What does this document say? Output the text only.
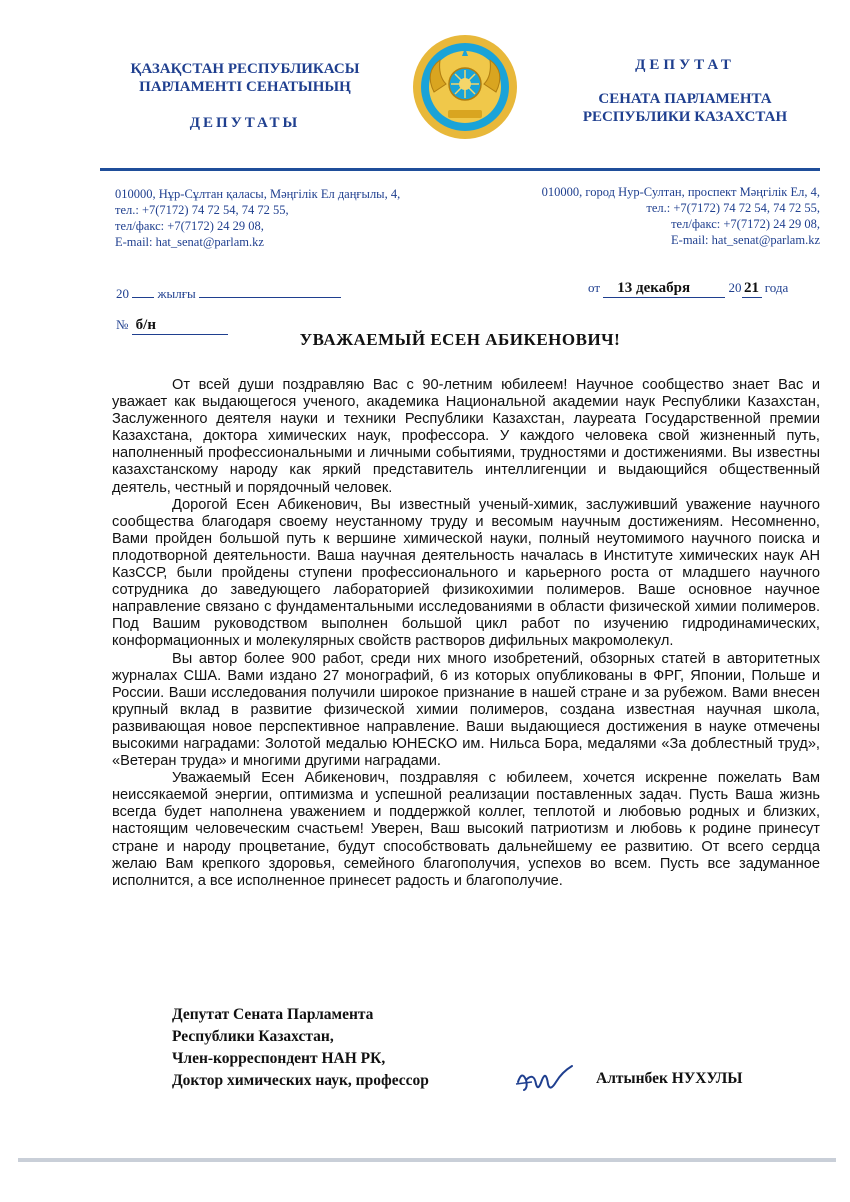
ҚАЗАҚСТАН РЕСПУБЛИКАСЫ
ПАРЛАМЕНТІ СЕНАТЫНЫҢ
ДЕПУТАТЫ
ДЕПУТАТ
СЕНАТА ПАРЛАМЕНТА
РЕСПУБЛИКИ КАЗАХСТАН
010000, Нұр-Сұлтан қаласы, Мәңгілік Ел даңғылы, 4,
тел.: +7(7172) 74 72 54, 74 72 55,
тел/факс: +7(7172) 24 29 08,
E-mail: hat_senat@parlam.kz
010000, город Нур-Султан, проспект Мәңгілік Ел, 4,
тел.: +7(7172) 74 72 54, 74 72 55,
тел/факс: +7(7172) 24 29 08,
E-mail: hat_senat@parlam.kz
20 жылғы	от 13 декабря	20 21 года
№ б/н
УВАЖАЕМЫЙ ЕСЕН АБИКЕНОВИЧ!

От всей души поздравляю Вас с 90-летним юбилеем! Научное сообщество знает Вас и уважает как выдающегося ученого, академика Национальной академии наук Республики Казахстан, Заслуженного деятеля науки и техники Республики Казахстан, лауреата Государственной премии Казахстана, доктора химических наук, профессора. У каждого человека свой жизненный путь, наполненный профессиональными и личными событиями, трудностями и достижениями. Вы известны казахстанскому народу как яркий представитель интеллигенции и выдающийся общественный деятель, честный и порядочный человек.

Дорогой Есен Абикенович, Вы известный ученый-химик, заслуживший уважение научного сообщества благодаря своему неустанному труду и весомым научным достижениям. Несомненно, Вами пройден большой путь к вершине химической науки, полный неутомимого научного поиска и плодотворной деятельности. Ваша научная деятельность началась в Институте химических наук АН КазССР, были пройдены ступени профессионального и карьерного роста от младшего научного сотрудника до заведующего лабораторией физикохимии полимеров. Ваше основное научное направление связано с фундаментальными исследованиями в области физической химии полимеров. Под Вашим руководством выполнен большой цикл работ по изучению гидродинамических, конформационных и молекулярных свойств растворов дифильных макромолекул.

Вы автор более 900 работ, среди них много изобретений, обзорных статей в авторитетных журналах США. Вами издано 27 монографий, 6 из которых опубликованы в ФРГ, Японии, Польше и России. Ваши исследования получили широкое признание в нашей стране и за рубежом. Вами внесен крупный вклад в развитие физической химии полимеров, создана известная научная школа, развивающая новое перспективное направление. Ваши выдающиеся достижения в науке отмечены высокими наградами: Золотой медалью ЮНЕСКО им. Нильса Бора, медалями «За доблестный труд», «Ветеран труда» и многими другими наградами.

Уважаемый Есен Абикенович, поздравляя с юбилеем, хочется искренне пожелать Вам неиссякаемой энергии, оптимизма и успешной реализации поставленных задач. Пусть Ваша жизнь всегда будет наполнена уважением и поддержкой коллег, теплотой и любовью родных и близких, настоящим человеческим счастьем! Уверен, Ваш высокий патриотизм и любовь к родине принесут стране и народу процветание, будут способствовать дальнейшему ее развитию. От всего сердца желаю Вам крепкого здоровья, семейного благополучия, успехов во всем. Пусть все задуманное исполнится, а все исполненное принесет радость и благополучие.

Депутат Сената Парламента
Республики Казахстан,
Член-корреспондент НАН РК,
Доктор химических наук, профессор	Алтынбек НУХУЛЫ
